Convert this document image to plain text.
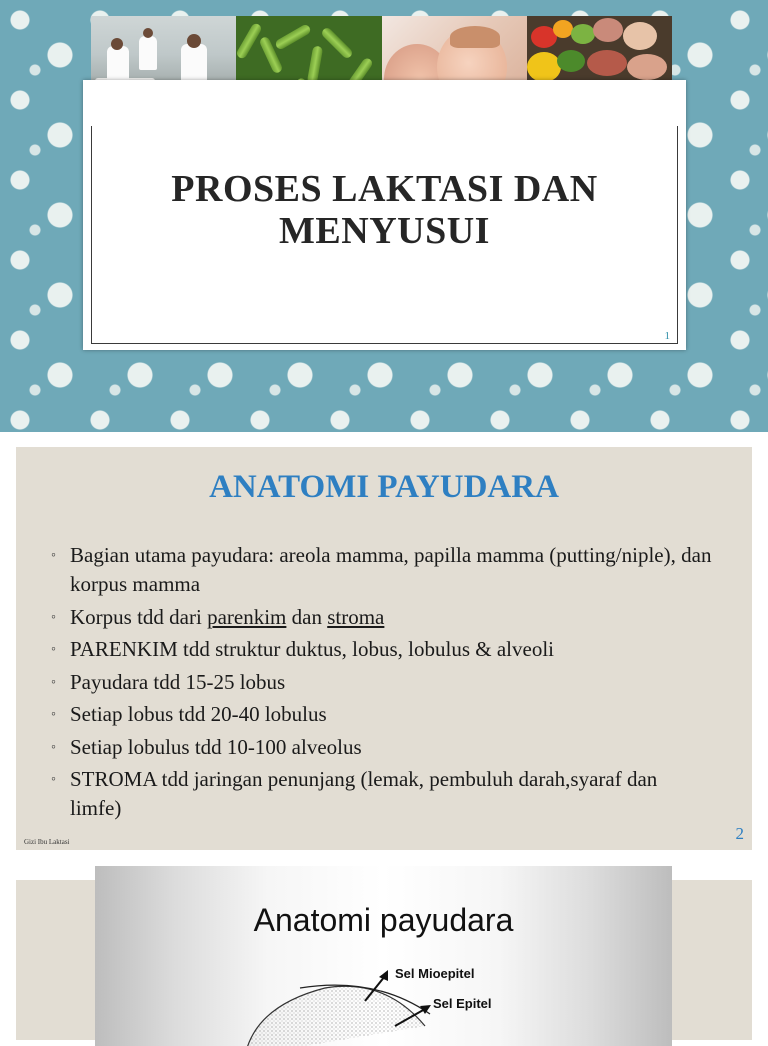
PROSES LAKTASI DAN
MENYUSUI
1
ANATOMI PAYUDARA
◦ Bagian utama payudara: areola mamma, papilla mamma (putting/niple), dan korpus mamma
◦ Korpus tdd dari parenkim dan stroma
◦ PARENKIM tdd struktur duktus, lobus, lobulus & alveoli
◦ Payudara tdd 15-25 lobus
◦ Setiap lobus tdd 20-40 lobulus
◦ Setiap lobulus tdd 10-100 alveolus
◦ STROMA tdd jaringan penunjang (lemak, pembuluh darah,syaraf dan limfe)
Gizi Ibu Laktasi	2
Anatomi payudara
Sel Mioepitel
Sel Epitel
